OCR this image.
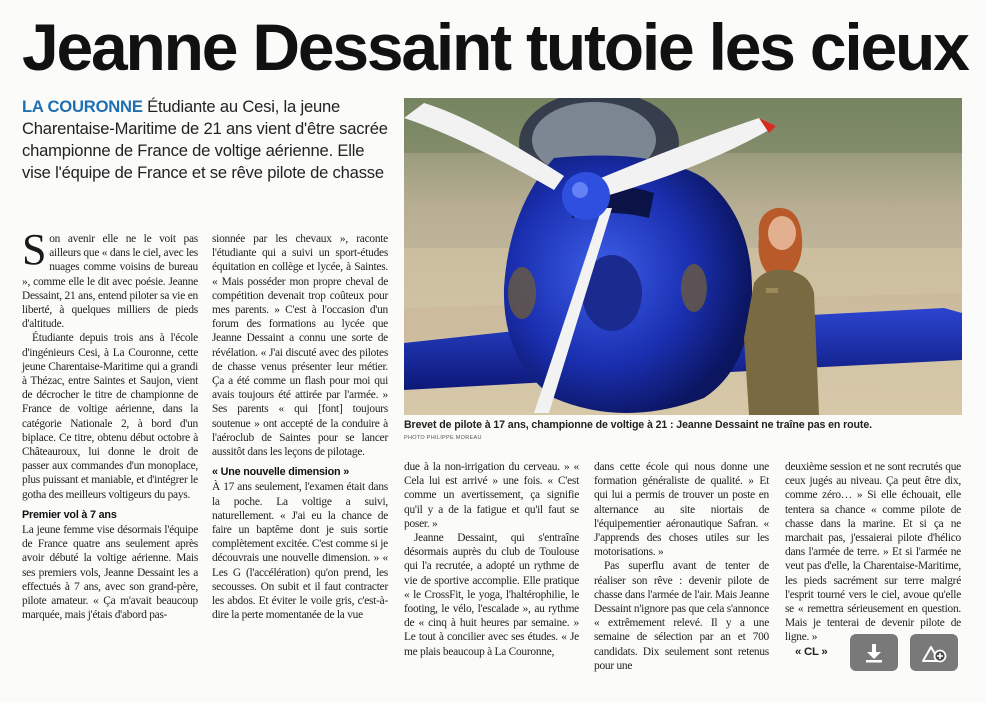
Jeanne Dessaint tutoie les cieux

LA COURONNE Étudiante au Cesi, la jeune Charentaise-Maritime de 21 ans vient d'être sacrée championne de France de voltige aérienne. Elle vise l'équipe de France et se rêve pilote de chasse

Brevet de pilote à 17 ans, championne de voltige à 21 : Jeanne Dessaint ne traîne pas en route.
PHOTO PHILIPPE MOREAU

Son avenir elle ne le voit pas ailleurs que « dans le ciel, avec les nuages comme voisins de bureau », comme elle le dit avec poésie. Jeanne Dessaint, 21 ans, entend piloter sa vie en liberté, à quelques milliers de pieds d'altitude.

Étudiante depuis trois ans à l'école d'ingénieurs Cesi, à La Couronne, cette jeune Charentaise-Maritime qui a grandi à Thézac, entre Saintes et Saujon, vient de décrocher le titre de championne de France de voltige aérienne, dans la catégorie Nationale 2, à bord d'un biplace. Ce titre, obtenu début octobre à Châteauroux, lui donne le droit de passer aux commandes d'un monoplace, plus puissant et maniable, et d'intégrer le gotha des meilleurs voltigeurs du pays.

Premier vol à 7 ans

La jeune femme vise désormais l'équipe de France quatre ans seulement après avoir débuté la voltige aérienne. Mais ses premiers vols, Jeanne Dessaint les a effectués à 7 ans, avec son grand-père, pilote amateur. « Ça m'avait beaucoup marquée, mais j'étais d'abord pas-

sionnée par les chevaux », raconte l'étudiante qui a suivi un sport-études équitation en collège et lycée, à Saintes. « Mais posséder mon propre cheval de compétition devenait trop coûteux pour mes parents. » C'est à l'occasion d'un forum des formations au lycée que Jeanne Dessaint a connu une sorte de révélation. « J'ai discuté avec des pilotes de chasse venus présenter leur métier. Ça a été comme un flash pour moi qui avais toujours été attirée par l'armée. » Ses parents « qui [font] toujours soutenue » ont accepté de la conduire à l'aéroclub de Saintes pour se lancer aussitôt dans les leçons de pilotage.

« Une nouvelle dimension »

À 17 ans seulement, l'examen était dans la poche. La voltige a suivi, naturellement. « J'ai eu la chance de faire un baptême dont je suis sortie complètement excitée. C'est comme si je découvrais une nouvelle dimension. » « Les G (l'accélération) qu'on prend, les secousses. On subit et il faut contracter les abdos. Et éviter le voile gris, c'est-à-dire la perte momentanée de la vue

due à la non-irrigation du cerveau. » « Cela lui est arrivé » une fois. « C'est comme un avertissement, ça signifie qu'il y a de la fatigue et qu'il faut se poser. »

Jeanne Dessaint, qui s'entraîne désormais auprès du club de Toulouse qui l'a recrutée, a adopté un rythme de vie de sportive accomplie. Elle pratique « le CrossFit, le yoga, l'haltérophilie, le footing, le vélo, l'escalade », au rythme de « cinq à huit heures par semaine. » Le tout à concilier avec ses études. « Je me plais beaucoup à La Couronne,

dans cette école qui nous donne une formation généraliste de qualité. » Et qui lui a permis de trouver un poste en alternance au site niortais de l'équipementier aéronautique Safran. « J'apprends des choses utiles sur les motorisations. »

Pas superflu avant de tenter de réaliser son rêve : devenir pilote de chasse dans l'armée de l'air. Mais Jeanne Dessaint n'ignore pas que cela s'annonce « extrêmement relevé. Il y a une semaine de sélection par an et 700 candidats. Dix seulement sont retenus pour une

deuxième session et ne sont recrutés que ceux jugés au niveau. Ça peut être dix, comme zéro… » Si elle échouait, elle tentera sa chance « comme pilote de chasse dans la marine. Et si ça ne marchait pas, j'essaierai pilote d'hélico dans l'armée de terre. » Et si l'armée ne veut pas d'elle, la Charentaise-Maritime, les pieds sacrément sur terre malgré l'esprit tourné vers le ciel, avoue qu'elle se « remettra sérieusement en question. Mais je tenterai de devenir pilote de ligne. »

« CL »
